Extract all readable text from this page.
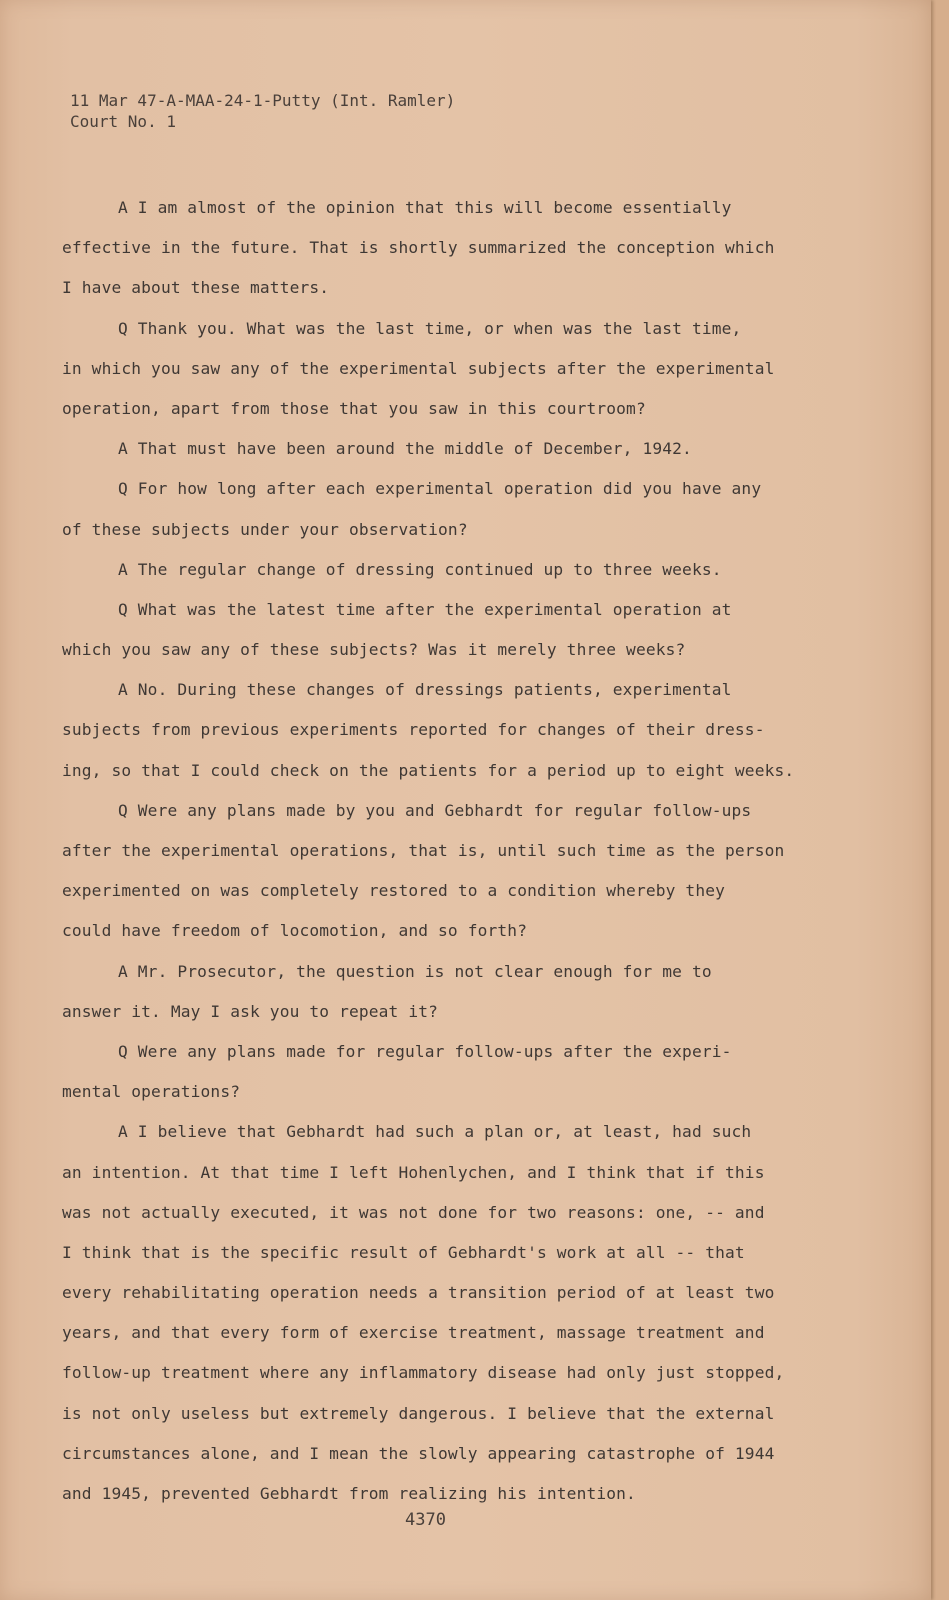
11 Mar 47-A-MAA-24-1-Putty (Int. Ramler)
Court No. 1
A I am almost of the opinion that this will become essentially
effective in the future. That is shortly summarized the conception which
I have about these matters.
Q Thank you. What was the last time, or when was the last time,
in which you saw any of the experimental subjects after the experimental
operation, apart from those that you saw in this courtroom?
A That must have been around the middle of December, 1942.
Q For how long after each experimental operation did you have any
of these subjects under your observation?
A The regular change of dressing continued up to three weeks.
Q What was the latest time after the experimental operation at
which you saw any of these subjects? Was it merely three weeks?
A No. During these changes of dressings patients, experimental
subjects from previous experiments reported for changes of their dress-
ing, so that I could check on the patients for a period up to eight weeks.
Q Were any plans made by you and Gebhardt for regular follow-ups
after the experimental operations, that is, until such time as the person
experimented on was completely restored to a condition whereby they
could have freedom of locomotion, and so forth?
A Mr. Prosecutor, the question is not clear enough for me to
answer it. May I ask you to repeat it?
Q Were any plans made for regular follow-ups after the experi-
mental operations?
A I believe that Gebhardt had such a plan or, at least, had such
an intention. At that time I left Hohenlychen, and I think that if this
was not actually executed, it was not done for two reasons: one, -- and
I think that is the specific result of Gebhardt's work at all -- that
every rehabilitating operation needs a transition period of at least two
years, and that every form of exercise treatment, massage treatment and
follow-up treatment where any inflammatory disease had only just stopped,
is not only useless but extremely dangerous. I believe that the external
circumstances alone, and I mean the slowly appearing catastrophe of 1944
and 1945, prevented Gebhardt from realizing his intention.
4370
